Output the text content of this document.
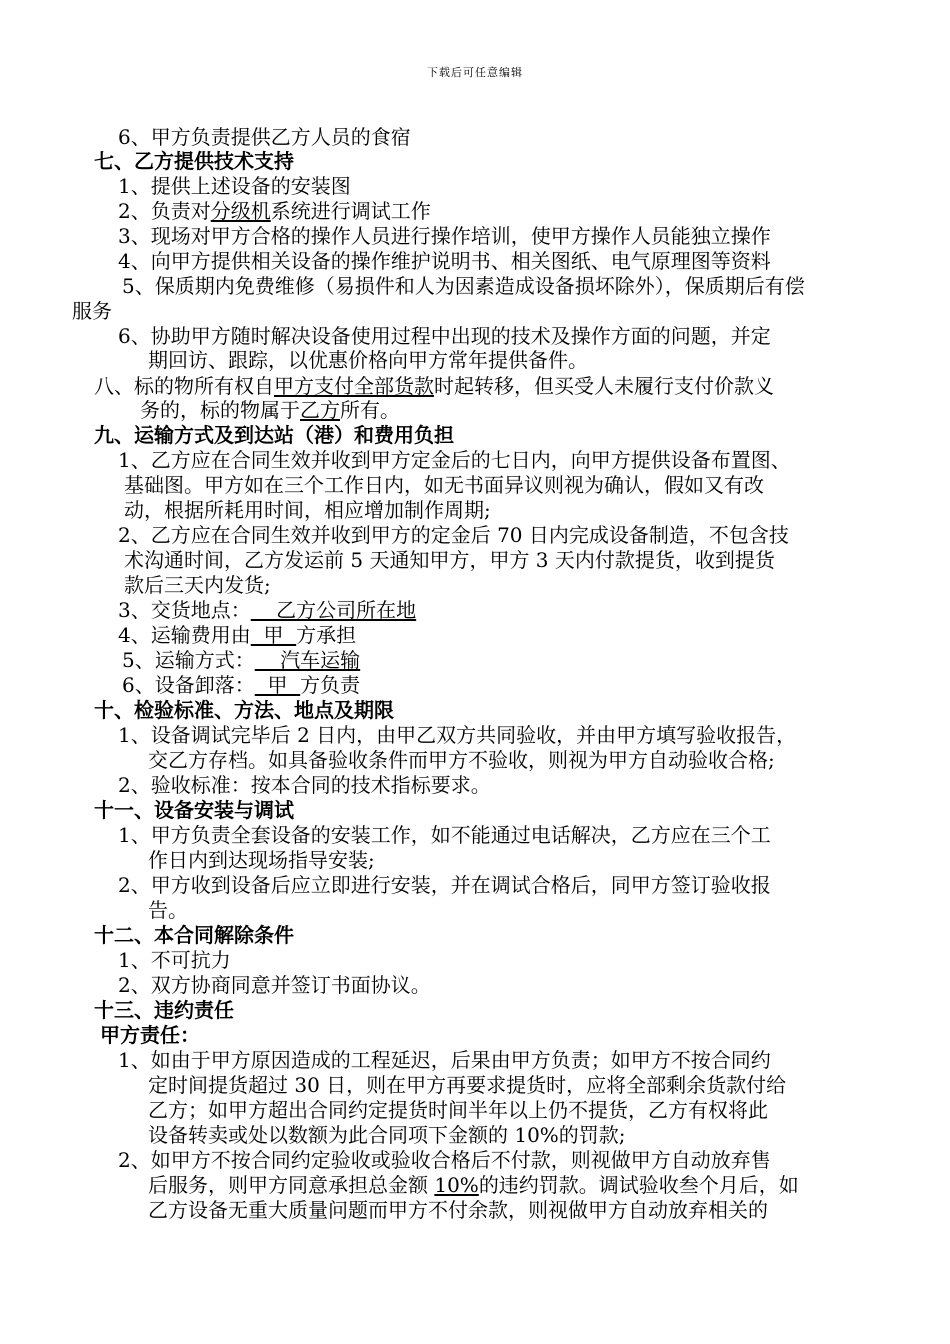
下载后可任意编辑
6、甲方负责提供乙方人员的食宿
七、乙方提供技术支持
1、提供上述设备的安装图
2、负责对分级机系统进行调试工作
3、现场对甲方合格的操作人员进行操作培训，使甲方操作人员能独立操作
4、向甲方提供相关设备的操作维护说明书、相关图纸、电气原理图等资料
5、保质期内免费维修（易损件和人为因素造成设备损坏除外），保质期后有偿
服务
6、协助甲方随时解决设备使用过程中出现的技术及操作方面的问题，并定
期回访、跟踪，以优惠价格向甲方常年提供备件。
八、标的物所有权自甲方支付全部货款时起转移，但买受人未履行支付价款义
务的，标的物属于乙方所有。
九、运输方式及到达站（港）和费用负担
1、乙方应在合同生效并收到甲方定金后的七日内，向甲方提供设备布置图、
基础图。甲方如在三个工作日内，如无书面异议则视为确认，假如又有改
动，根据所耗用时间，相应增加制作周期;
2、乙方应在合同生效并收到甲方的定金后 70 日内完成设备制造，不包含技
术沟通时间，乙方发运前 5 天通知甲方，甲方 3 天内付款提货，收到提货
款后三天内发货;
3、交货地点：    乙方公司所在地
4、运输费用由  甲  方承担
5、运输方式：    汽车运输
6、设备卸落：  甲  方负责
十、检验标准、方法、地点及期限
1、设备调试完毕后 2 日内，由甲乙双方共同验收，并由甲方填写验收报告，
交乙方存档。如具备验收条件而甲方不验收，则视为甲方自动验收合格;
2、验收标准：按本合同的技术指标要求。
十一、设备安装与调试
1、甲方负责全套设备的安装工作，如不能通过电话解决，乙方应在三个工
作日内到达现场指导安装;
2、甲方收到设备后应立即进行安装，并在调试合格后，同甲方签订验收报
告。
十二、本合同解除条件
1、不可抗力
2、双方协商同意并签订书面协议。
十三、违约责任
甲方责任：
1、如由于甲方原因造成的工程延迟，后果由甲方负责；如甲方不按合同约
定时间提货超过 30 日，则在甲方再要求提货时，应将全部剩余货款付给
乙方；如甲方超出合同约定提货时间半年以上仍不提货，乙方有权将此
设备转卖或处以数额为此合同项下金额的 10%的罚款;
2、如甲方不按合同约定验收或验收合格后不付款，则视做甲方自动放弃售
后服务，则甲方同意承担总金额 10%的违约罚款。调试验收叁个月后，如
乙方设备无重大质量问题而甲方不付余款，则视做甲方自动放弃相关的
